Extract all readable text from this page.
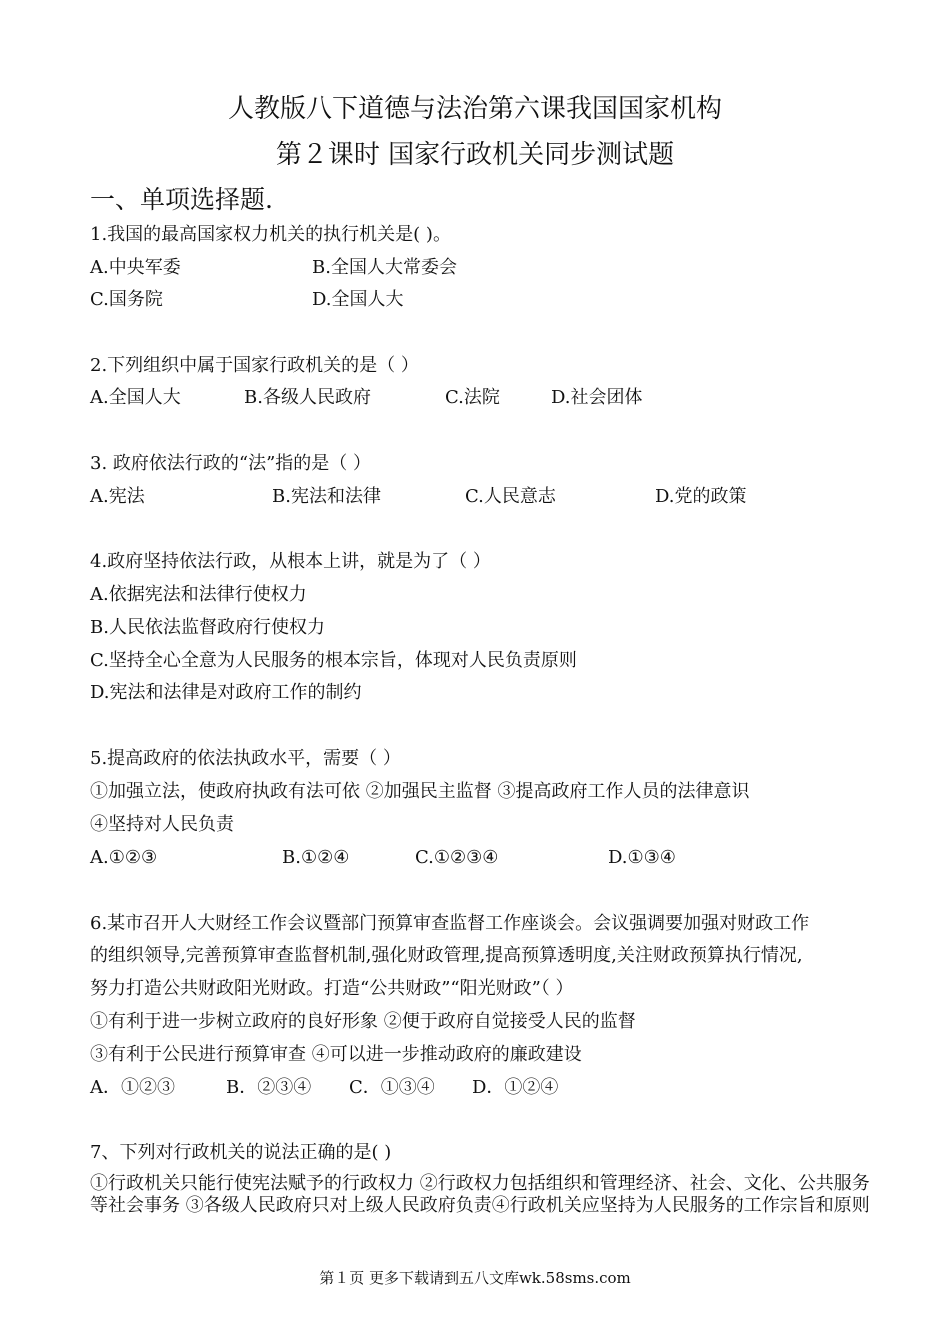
人教版八下道德与法治第六课我国国家机构
第２课时 国家行政机关同步测试题
一、单项选择题.
1.我国的最高国家权力机关的执行机关是( )。
A.中央军委	B.全国人大常委会
C.国务院	D.全国人大
2.下列组织中属于国家行政机关的是（ ）
A.全国人大	B.各级人民政府	C.法院	D.社会团体
3. 政府依法行政的“法”指的是（ ）
A.宪法	B.宪法和法律	C.人民意志	D.党的政策
4.政府坚持依法行政，从根本上讲，就是为了（ ）
A.依据宪法和法律行使权力
B.人民依法监督政府行使权力
C.坚持全心全意为人民服务的根本宗旨，体现对人民负责原则
D.宪法和法律是对政府工作的制约
5.提高政府的依法执政水平，需要（ ）
①加强立法，使政府执政有法可依 ②加强民主监督 ③提高政府工作人员的法律意识
④坚持对人民负责
A.①②③	B.①②④	C.①②③④	D.①③④
6.某市召开人大财经工作会议暨部门预算审查监督工作座谈会。会议强调要加强对财政工作
的组织领导,完善预算审查监督机制,强化财政管理,提高预算透明度,关注财政预算执行情况,
努力打造公共财政阳光财政。打造“公共财政”“阳光财政”（ ）
①有利于进一步树立政府的良好形象 ②便于政府自觉接受人民的监督
③有利于公民进行预算审查 ④可以进一步推动政府的廉政建设
A．①②③	B．②③④ C．①③④ D．①②④
7、下列对行政机关的说法正确的是( )
①行政机关只能行使宪法赋予的行政权力 ②行政权力包括组织和管理经济、社会、文化、公共服务等社会事务 ③各级人民政府只对上级人民政府负责④行政机关应坚持为人民服务的工作宗旨和原则
第１页 更多下载请到五八文库wk.58sms.com
